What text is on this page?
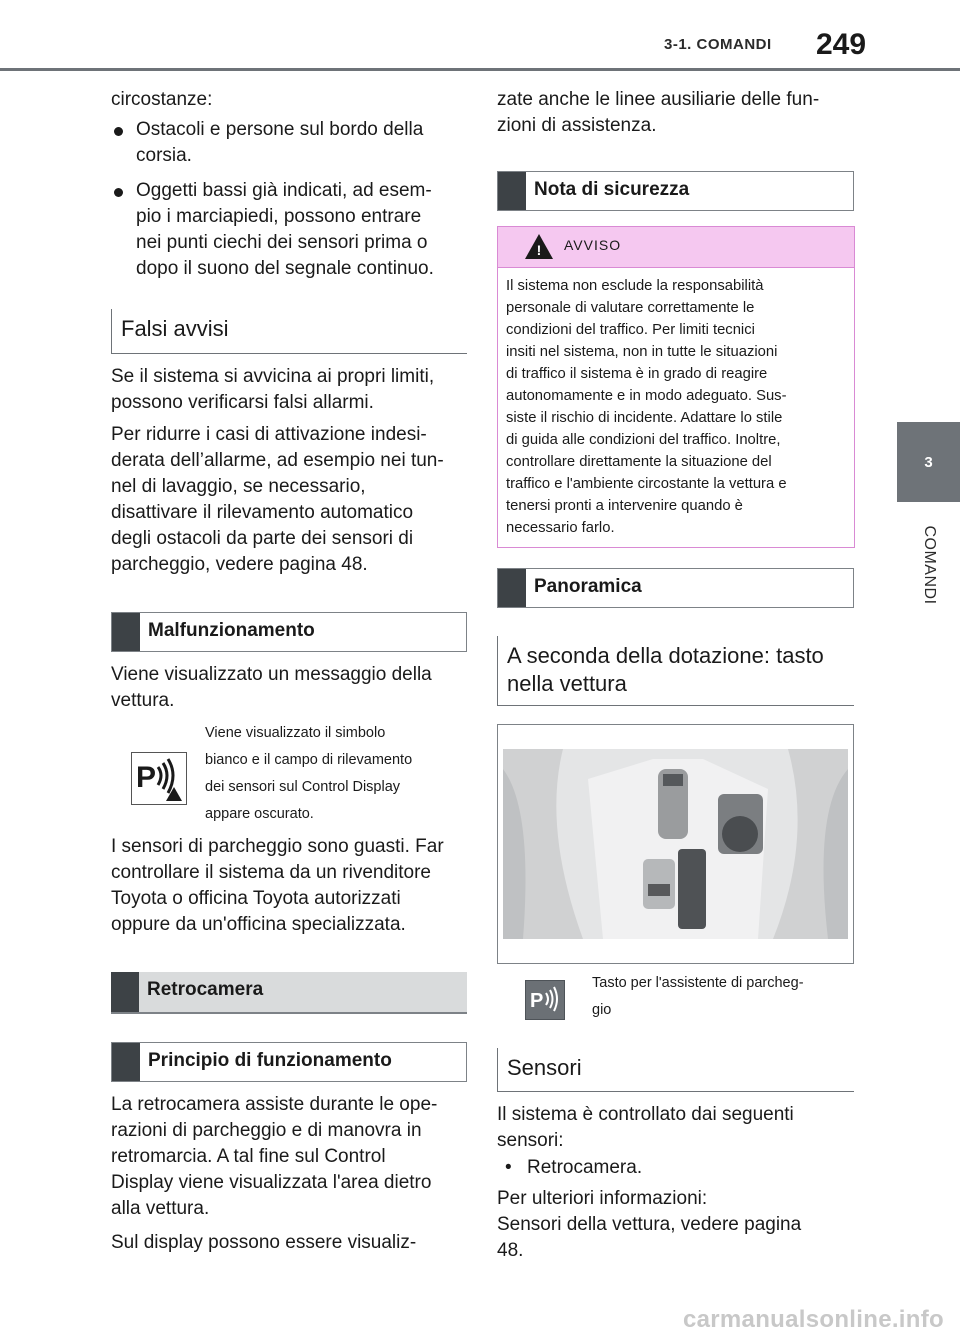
3-1. COMANDI 249
3
COMANDI
circostanze:
Ostacoli e persone sul bordo della
corsia.
Oggetti bassi già indicati, ad esem-
pio i marciapiedi, possono entrare
nei punti ciechi dei sensori prima o
dopo il suono del segnale continuo.
Falsi avvisi
Se il sistema si avvicina ai propri limiti,
possono verificarsi falsi allarmi.
Per ridurre i casi di attivazione indesi-
derata dell’allarme, ad esempio nei tun-
nel di lavaggio, se necessario,
disattivare il rilevamento automatico
degli ostacoli da parte dei sensori di
parcheggio, vedere pagina 48.
Malfunzionamento
Viene visualizzato un messaggio della
vettura.
P
Viene visualizzato il simbolo
bianco e il campo di rilevamento
dei sensori sul Control Display
appare oscurato.
I sensori di parcheggio sono guasti. Far
controllare il sistema da un rivenditore
Toyota o officina Toyota autorizzati
oppure da un'officina specializzata.
Retrocamera
Principio di funzionamento
La retrocamera assiste durante le ope-
razioni di parcheggio e di manovra in
retromarcia. A tal fine sul Control
Display viene visualizzata l'area dietro
alla vettura.
Sul display possono essere visualiz-
zate anche le linee ausiliarie delle fun-
zioni di assistenza.
Nota di sicurezza
! AVVISO
Il sistema non esclude la responsabilità
personale di valutare correttamente le
condizioni del traffico. Per limiti tecnici
insiti nel sistema, non in tutte le situazioni
di traffico il sistema è in grado di reagire
autonomamente e in modo adeguato. Sus-
siste il rischio di incidente. Adattare lo stile
di guida alle condizioni del traffico. Inoltre,
controllare direttamente la situazione del
traffico e l'ambiente circostante la vettura e
tenersi pronti a intervenire quando è
necessario farlo.
Panoramica
A seconda della dotazione: tasto
nella vettura
P
Tasto per l'assistente di parcheg-
gio
Sensori
Il sistema è controllato dai seguenti
sensori:
• Retrocamera.
Per ulteriori informazioni:
Sensori della vettura, vedere pagina
48.
carmanualsonline.info
